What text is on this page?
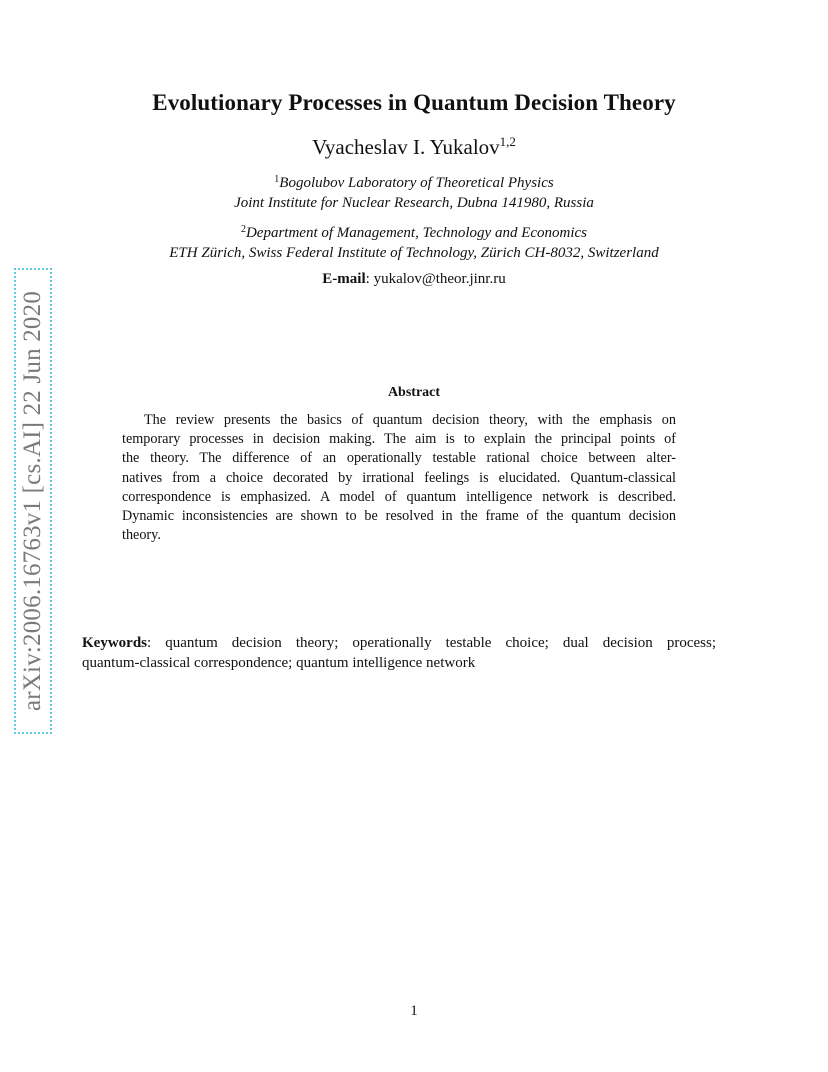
arXiv:2006.16763v1 [cs.AI] 22 Jun 2020
Evolutionary Processes in Quantum Decision Theory
Vyacheslav I. Yukalov$^{1,2}$
$^1$Bogolubov Laboratory of Theoretical Physics
Joint Institute for Nuclear Research, Dubna 141980, Russia
$^2$Department of Management, Technology and Economics
ETH Zürich, Swiss Federal Institute of Technology, Zürich CH-8032, Switzerland
E-mail: yukalov@theor.jinr.ru
Abstract
The review presents the basics of quantum decision theory, with the emphasis on
temporary processes in decision making. The aim is to explain the principal points of
the theory. The difference of an operationally testable rational choice between alter-
natives from a choice decorated by irrational feelings is elucidated. Quantum-classical
correspondence is emphasized. A model of quantum intelligence network is described.
Dynamic inconsistencies are shown to be resolved in the frame of the quantum decision
theory.
Keywords: quantum decision theory; operationally testable choice; dual decision process;
quantum-classical correspondence; quantum intelligence network
1
